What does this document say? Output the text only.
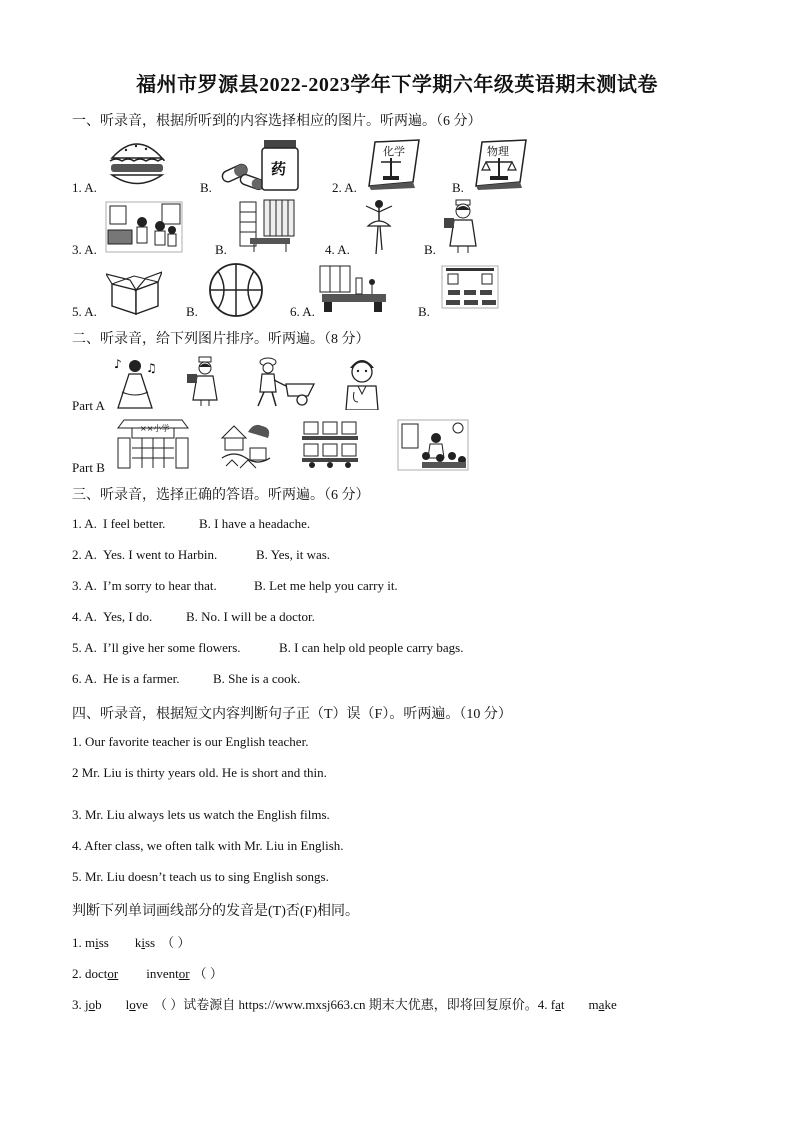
福州市罗源县2022-2023学年下学期六年级英语期末测试卷
一、听录音，根据所听到的内容选择相应的图片。听两遍。（6 分）
1. A.	B.
药
2. A.
化学
B.
物理
3. A.	B.	4. A.	B.
5. A.	B.	6. A.	B.
二、听录音，给下列图片排序。听两遍。（8 分）
Part A
♪ ♫
Part B
××小学
三、听录音，选择正确的答语。听两遍。（6 分）
1. A. I feel better.	B. I have a headache.
2. A. Yes. I went to Harbin.	B. Yes, it was.
3. A. I’m sorry to hear that.	B. Let me help you carry it.
4. A. Yes, I do.	B. No. I will be a doctor.
5. A. I’ll give her some flowers.	B. I can help old people carry bags.
6. A. He is a farmer.	B. She is a cook.
四、听录音，根据短文内容判断句子正（T）误（F）。听两遍。（10 分）
1. Our favorite teacher is our English teacher.
2 Mr. Liu is thirty years old. He is short and thin.
3. Mr. Liu always lets us watch the English films.
4. After class, we often talk with Mr. Liu in English.
5. Mr. Liu doesn’t teach us to sing English songs.
判断下列单词画线部分的发音是(T)否(F)相同。
1. miss kiss （ ）
2. doctor inventor （ ）
3. job love （ ）试卷源自 https://www.mxsj663.cn 期末大优惠，即将回复原价。4. fat make
